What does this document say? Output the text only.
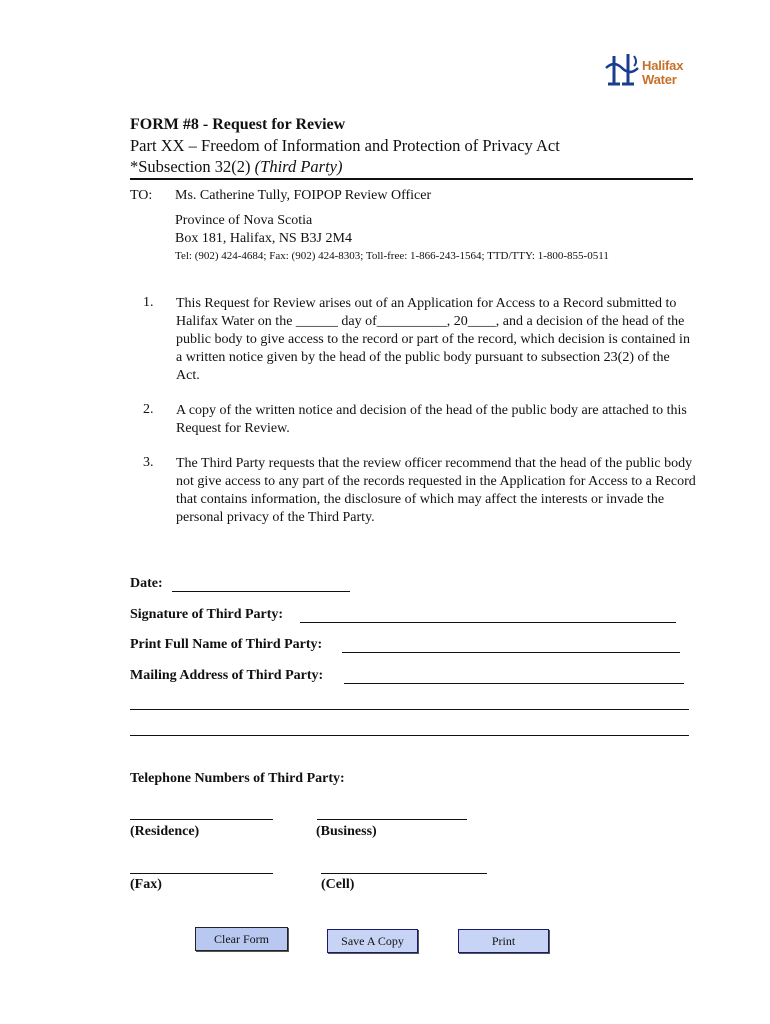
Halifax
Water
FORM #8 - Request for Review
Part XX – Freedom of Information and Protection of Privacy Act
*Subsection 32(2) (Third Party)
TO: Ms. Catherine Tully, FOIPOP Review Officer
Province of Nova Scotia
Box 181, Halifax, NS B3J 2M4
Tel: (902) 424-4684; Fax: (902) 424-8303; Toll-free: 1-866-243-1564; TTD/TTY: 1-800-855-0511
1. This Request for Review arises out of an Application for Access to a Record submitted to Halifax Water on the ______ day of__________, 20____, and a decision of the head of the public body to give access to the record or part of the record, which decision is contained in a written notice given by the head of the public body pursuant to subsection 23(2) of the Act.
2. A copy of the written notice and decision of the head of the public body are attached to this Request for Review.
3. The Third Party requests that the review officer recommend that the head of the public body not give access to any part of the records requested in the Application for Access to a Record that contains information, the disclosure of which may affect the interests or invade the personal privacy of the Third Party.
Date:
Signature of Third Party:
Print Full Name of Third Party:
Mailing Address of Third Party:
Telephone Numbers of Third Party:
(Residence)	(Business)
(Fax)	(Cell)
Clear Form	Save A Copy	Print
